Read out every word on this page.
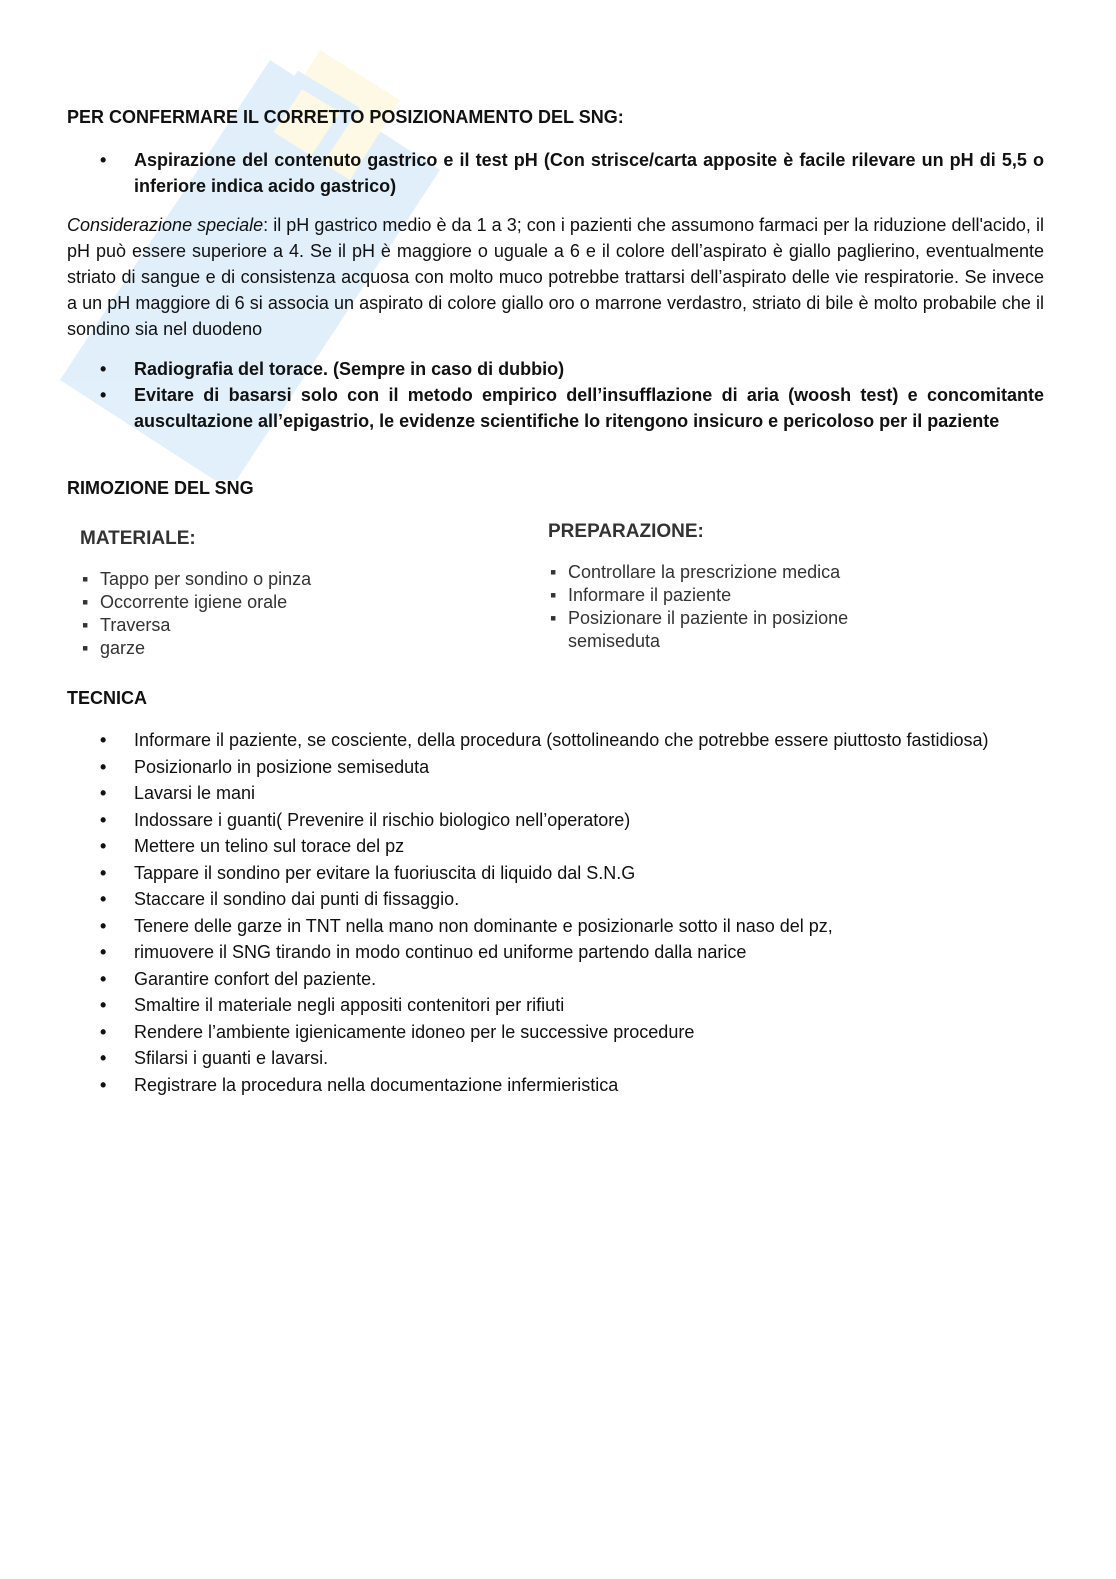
PER CONFERMARE IL CORRETTO POSIZIONAMENTO DEL SNG:
• Aspirazione del contenuto gastrico e il test pH (Con strisce/carta apposite è facile rilevare un pH di 5,5 o inferiore indica acido gastrico)
Considerazione speciale: il pH gastrico medio è da 1 a 3; con i pazienti che assumono farmaci per la riduzione dell'acido, il pH può essere superiore a 4. Se il pH è maggiore o uguale a 6 e il colore dell’aspirato è giallo paglierino, eventualmente striato di sangue e di consistenza acquosa con molto muco potrebbe trattarsi dell’aspirato delle vie respiratorie. Se invece a un pH maggiore di 6 si associa un aspirato di colore giallo oro o marrone verdastro, striato di bile è molto probabile che il sondino sia nel duodeno
• Radiografia del torace. (Sempre in caso di dubbio)
• Evitare di basarsi solo con il metodo empirico dell’insufflazione di aria (woosh test) e concomitante auscultazione all’epigastrio, le evidenze scientifiche lo ritengono insicuro e pericoloso per il paziente
RIMOZIONE DEL SNG
MATERIALE:
▪ Tappo per sondino o pinza
▪ Occorrente igiene orale
▪ Traversa
▪ garze
PREPARAZIONE:
▪ Controllare la prescrizione medica
▪ Informare il paziente
▪ Posizionare il paziente in posizione semiseduta
TECNICA
• Informare il paziente, se cosciente, della procedura (sottolineando che potrebbe essere piuttosto fastidiosa)
• Posizionarlo in posizione semiseduta
• Lavarsi le mani
• Indossare i guanti( Prevenire il rischio biologico nell’operatore)
• Mettere un telino sul torace del pz
• Tappare il sondino per evitare la fuoriuscita di liquido dal S.N.G
• Staccare il sondino dai punti di fissaggio.
• Tenere delle garze in TNT nella mano non dominante e posizionarle sotto il naso del pz,
• rimuovere il SNG tirando in modo continuo ed uniforme partendo dalla narice
• Garantire confort del paziente.
• Smaltire il materiale negli appositi contenitori per rifiuti
• Rendere l’ambiente igienicamente idoneo per le successive procedure
• Sfilarsi i guanti e lavarsi.
• Registrare la procedura nella documentazione infermieristica
